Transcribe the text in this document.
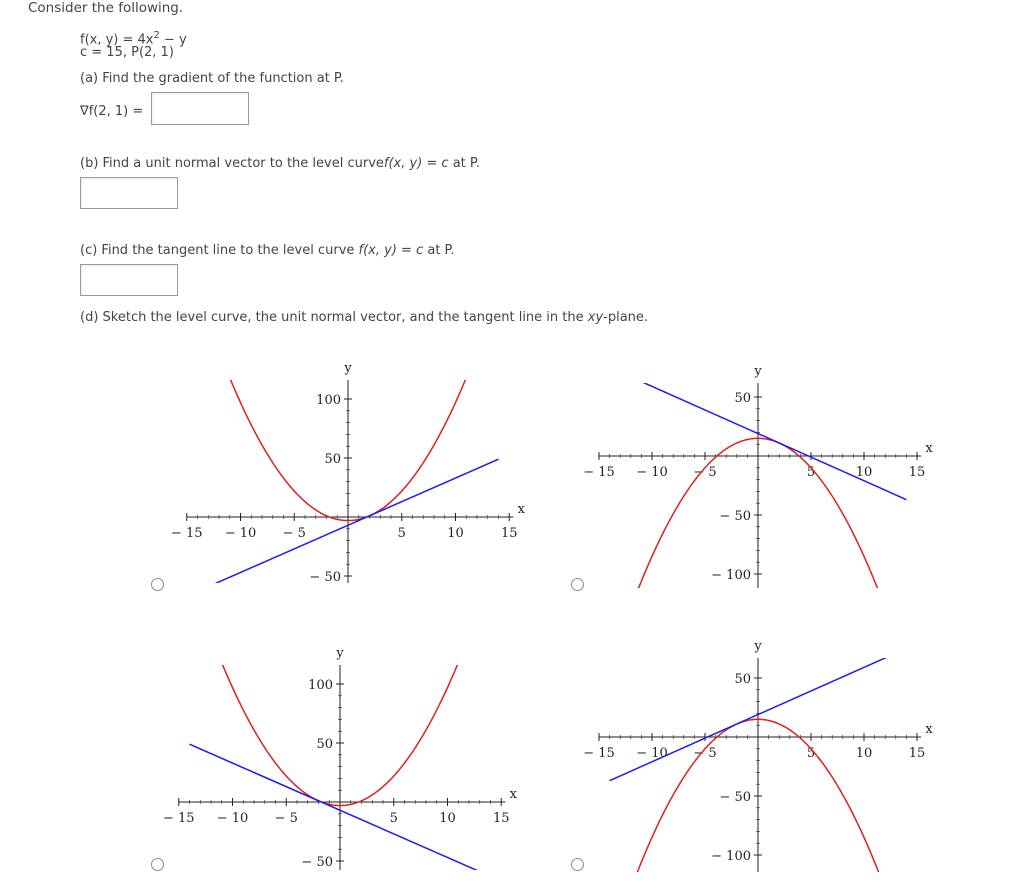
Consider the following.
f(x, $y) = 4x^2 - y$
c = 15, P(2, 1)
(a) Find the gradient of the function at P.
∇f(2, 1) =
(b) Find a unit normal vector to the level curvef(x, y) = c at P.
(c) Find the tangent line to the level curve f(x, y) = c at P.
(d) Sketch the level curve, the unit normal vector, and the tangent line in the xy-plane.
− 15 − 10 − 5	5	10	15
− 50
50
100
x
y
− 15 − 10 − 5	5	10	15
− 100
− 50
50
x
y
− 15 − 10 − 5	5	10	15
− 50
50
100
x
y
− 15 − 10 − 5	5	10	15
− 100
− 50
50
x
y
